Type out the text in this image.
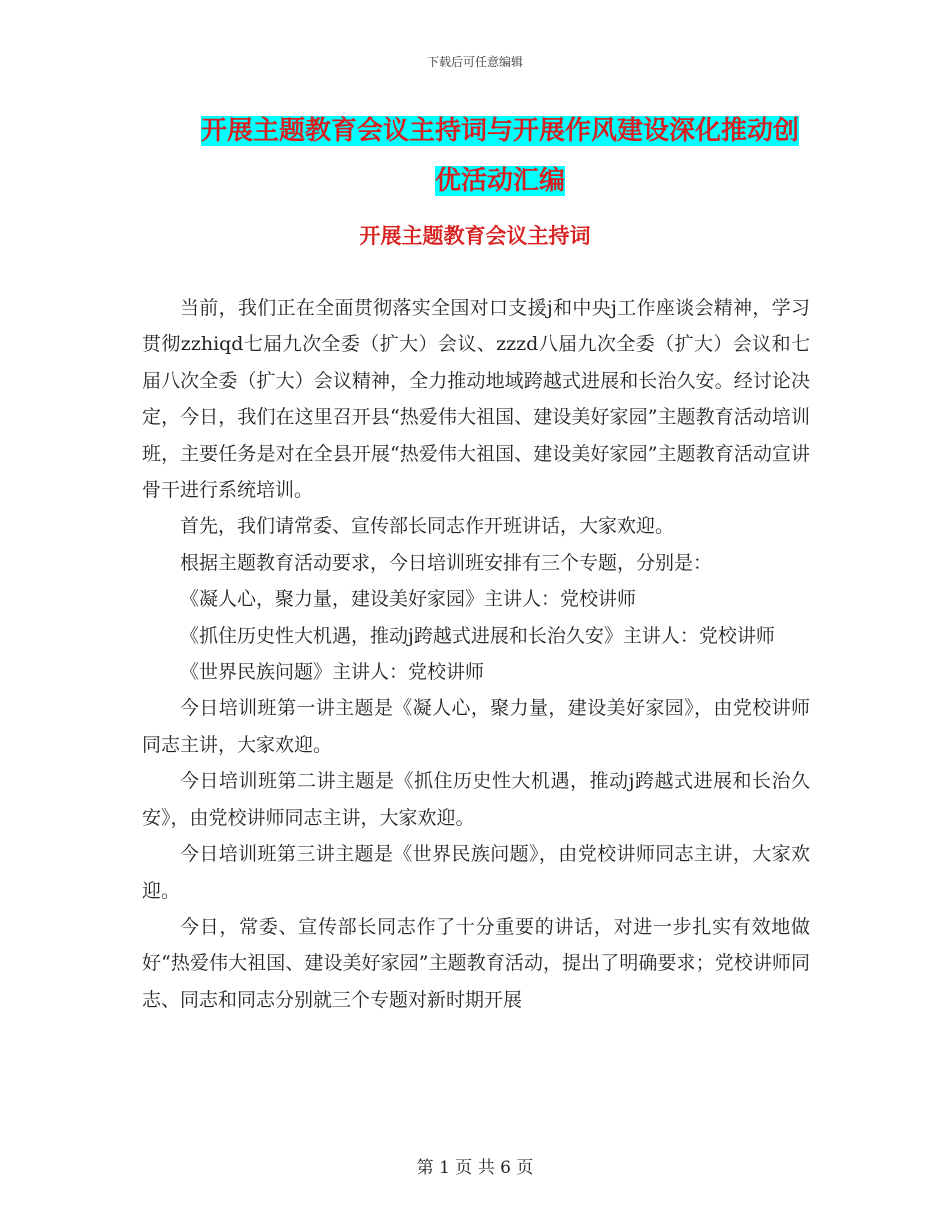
下载后可任意编辑
开展主题教育会议主持词与开展作风建设深化推动创优活动汇编
开展主题教育会议主持词

当前，我们正在全面贯彻落实全国对口支援j和中央j工作座谈会精神，学习贯彻zzhiqd七届九次全委（扩大）会议、zzzd八届九次全委（扩大）会议和七届八次全委（扩大）会议精神，全力推动地域跨越式进展和长治久安。经讨论决定，今日，我们在这里召开县“热爱伟大祖国、建设美好家园”主题教育活动培训班，主要任务是对在全县开展“热爱伟大祖国、建设美好家园”主题教育活动宣讲骨干进行系统培训。

首先，我们请常委、宣传部长同志作开班讲话，大家欢迎。

根据主题教育活动要求，今日培训班安排有三个专题，分别是：

《凝人心，聚力量，建设美好家园》主讲人：党校讲师

《抓住历史性大机遇，推动j跨越式进展和长治久安》主讲人：党校讲师

《世界民族问题》主讲人：党校讲师

今日培训班第一讲主题是《凝人心，聚力量，建设美好家园》，由党校讲师同志主讲，大家欢迎。

今日培训班第二讲主题是《抓住历史性大机遇，推动j跨越式进展和长治久安》，由党校讲师同志主讲，大家欢迎。

今日培训班第三讲主题是《世界民族问题》，由党校讲师同志主讲，大家欢迎。

今日，常委、宣传部长同志作了十分重要的讲话，对进一步扎实有效地做好“热爱伟大祖国、建设美好家园”主题教育活动，提出了明确要求；党校讲师同志、同志和同志分别就三个专题对新时期开展

第 1 页 共 6 页
